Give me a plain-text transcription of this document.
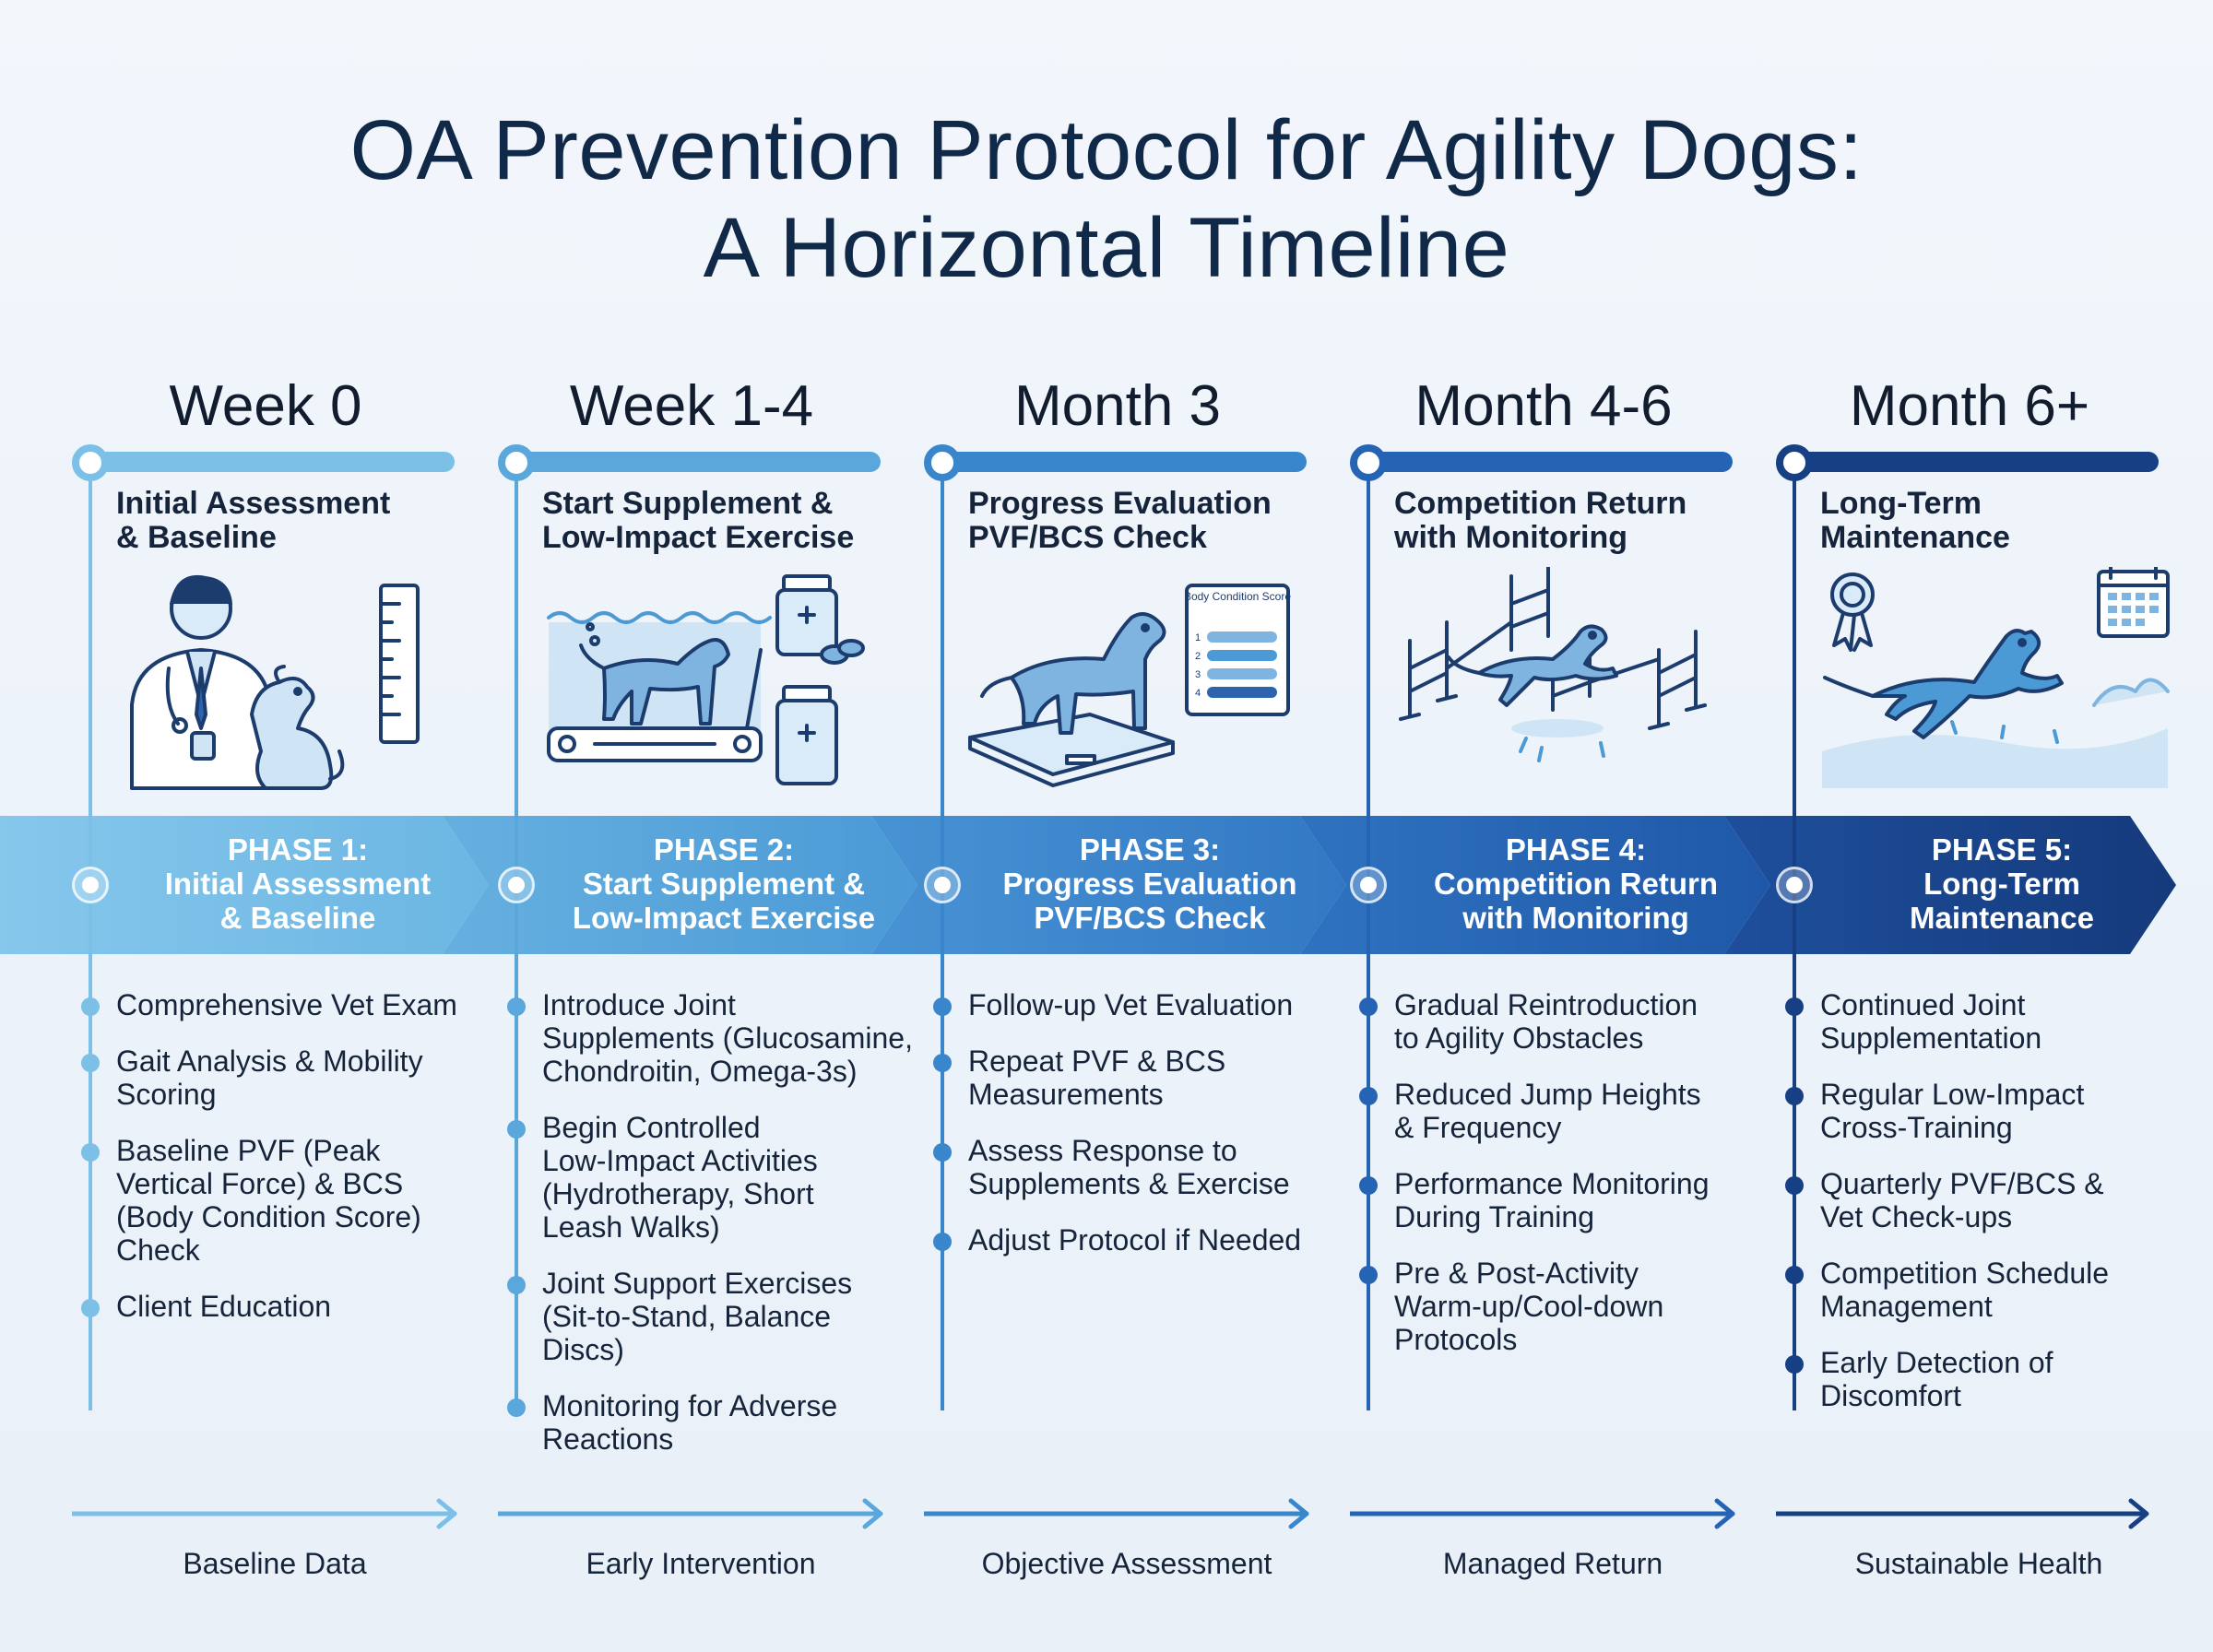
OA Prevention Protocol for Agility Dogs:
A Horizontal Timeline
Week 0
Initial Assessment
& Baseline
PHASE 1:
Initial Assessment
& Baseline
Comprehensive Vet Exam
Gait Analysis & Mobility
Scoring
Baseline PVF (Peak
Vertical Force) & BCS
(Body Condition Score)
Check
Client Education
Baseline Data
Week 1-4
Start Supplement &
Low-Impact Exercise
PHASE 2:
Start Supplement &
Low-Impact Exercise
Introduce Joint
Supplements (Glucosamine,
Chondroitin, Omega-3s)
Begin Controlled
Low-Impact Activities
(Hydrotherapy, Short
Leash Walks)
Joint Support Exercises
(Sit-to-Stand, Balance
Discs)
Monitoring for Adverse
Reactions
Early Intervention
Month 3
Progress Evaluation
PVF/BCS Check
Body Condition Score
1
2
3
4
PHASE 3:
Progress Evaluation
PVF/BCS Check
Follow-up Vet Evaluation
Repeat PVF & BCS
Measurements
Assess Response to
Supplements & Exercise
Adjust Protocol if Needed
Objective Assessment
Month 4-6
Competition Return
with Monitoring
PHASE 4:
Competition Return
with Monitoring
Gradual Reintroduction
to Agility Obstacles
Reduced Jump Heights
& Frequency
Performance Monitoring
During Training
Pre & Post-Activity
Warm-up/Cool-down
Protocols
Managed Return
Month 6+
Long-Term
Maintenance
PHASE 5:
Long-Term
Maintenance
Continued Joint
Supplementation
Regular Low-Impact
Cross-Training
Quarterly PVF/BCS &
Vet Check-ups
Competition Schedule
Management
Early Detection of
Discomfort
Sustainable Health
